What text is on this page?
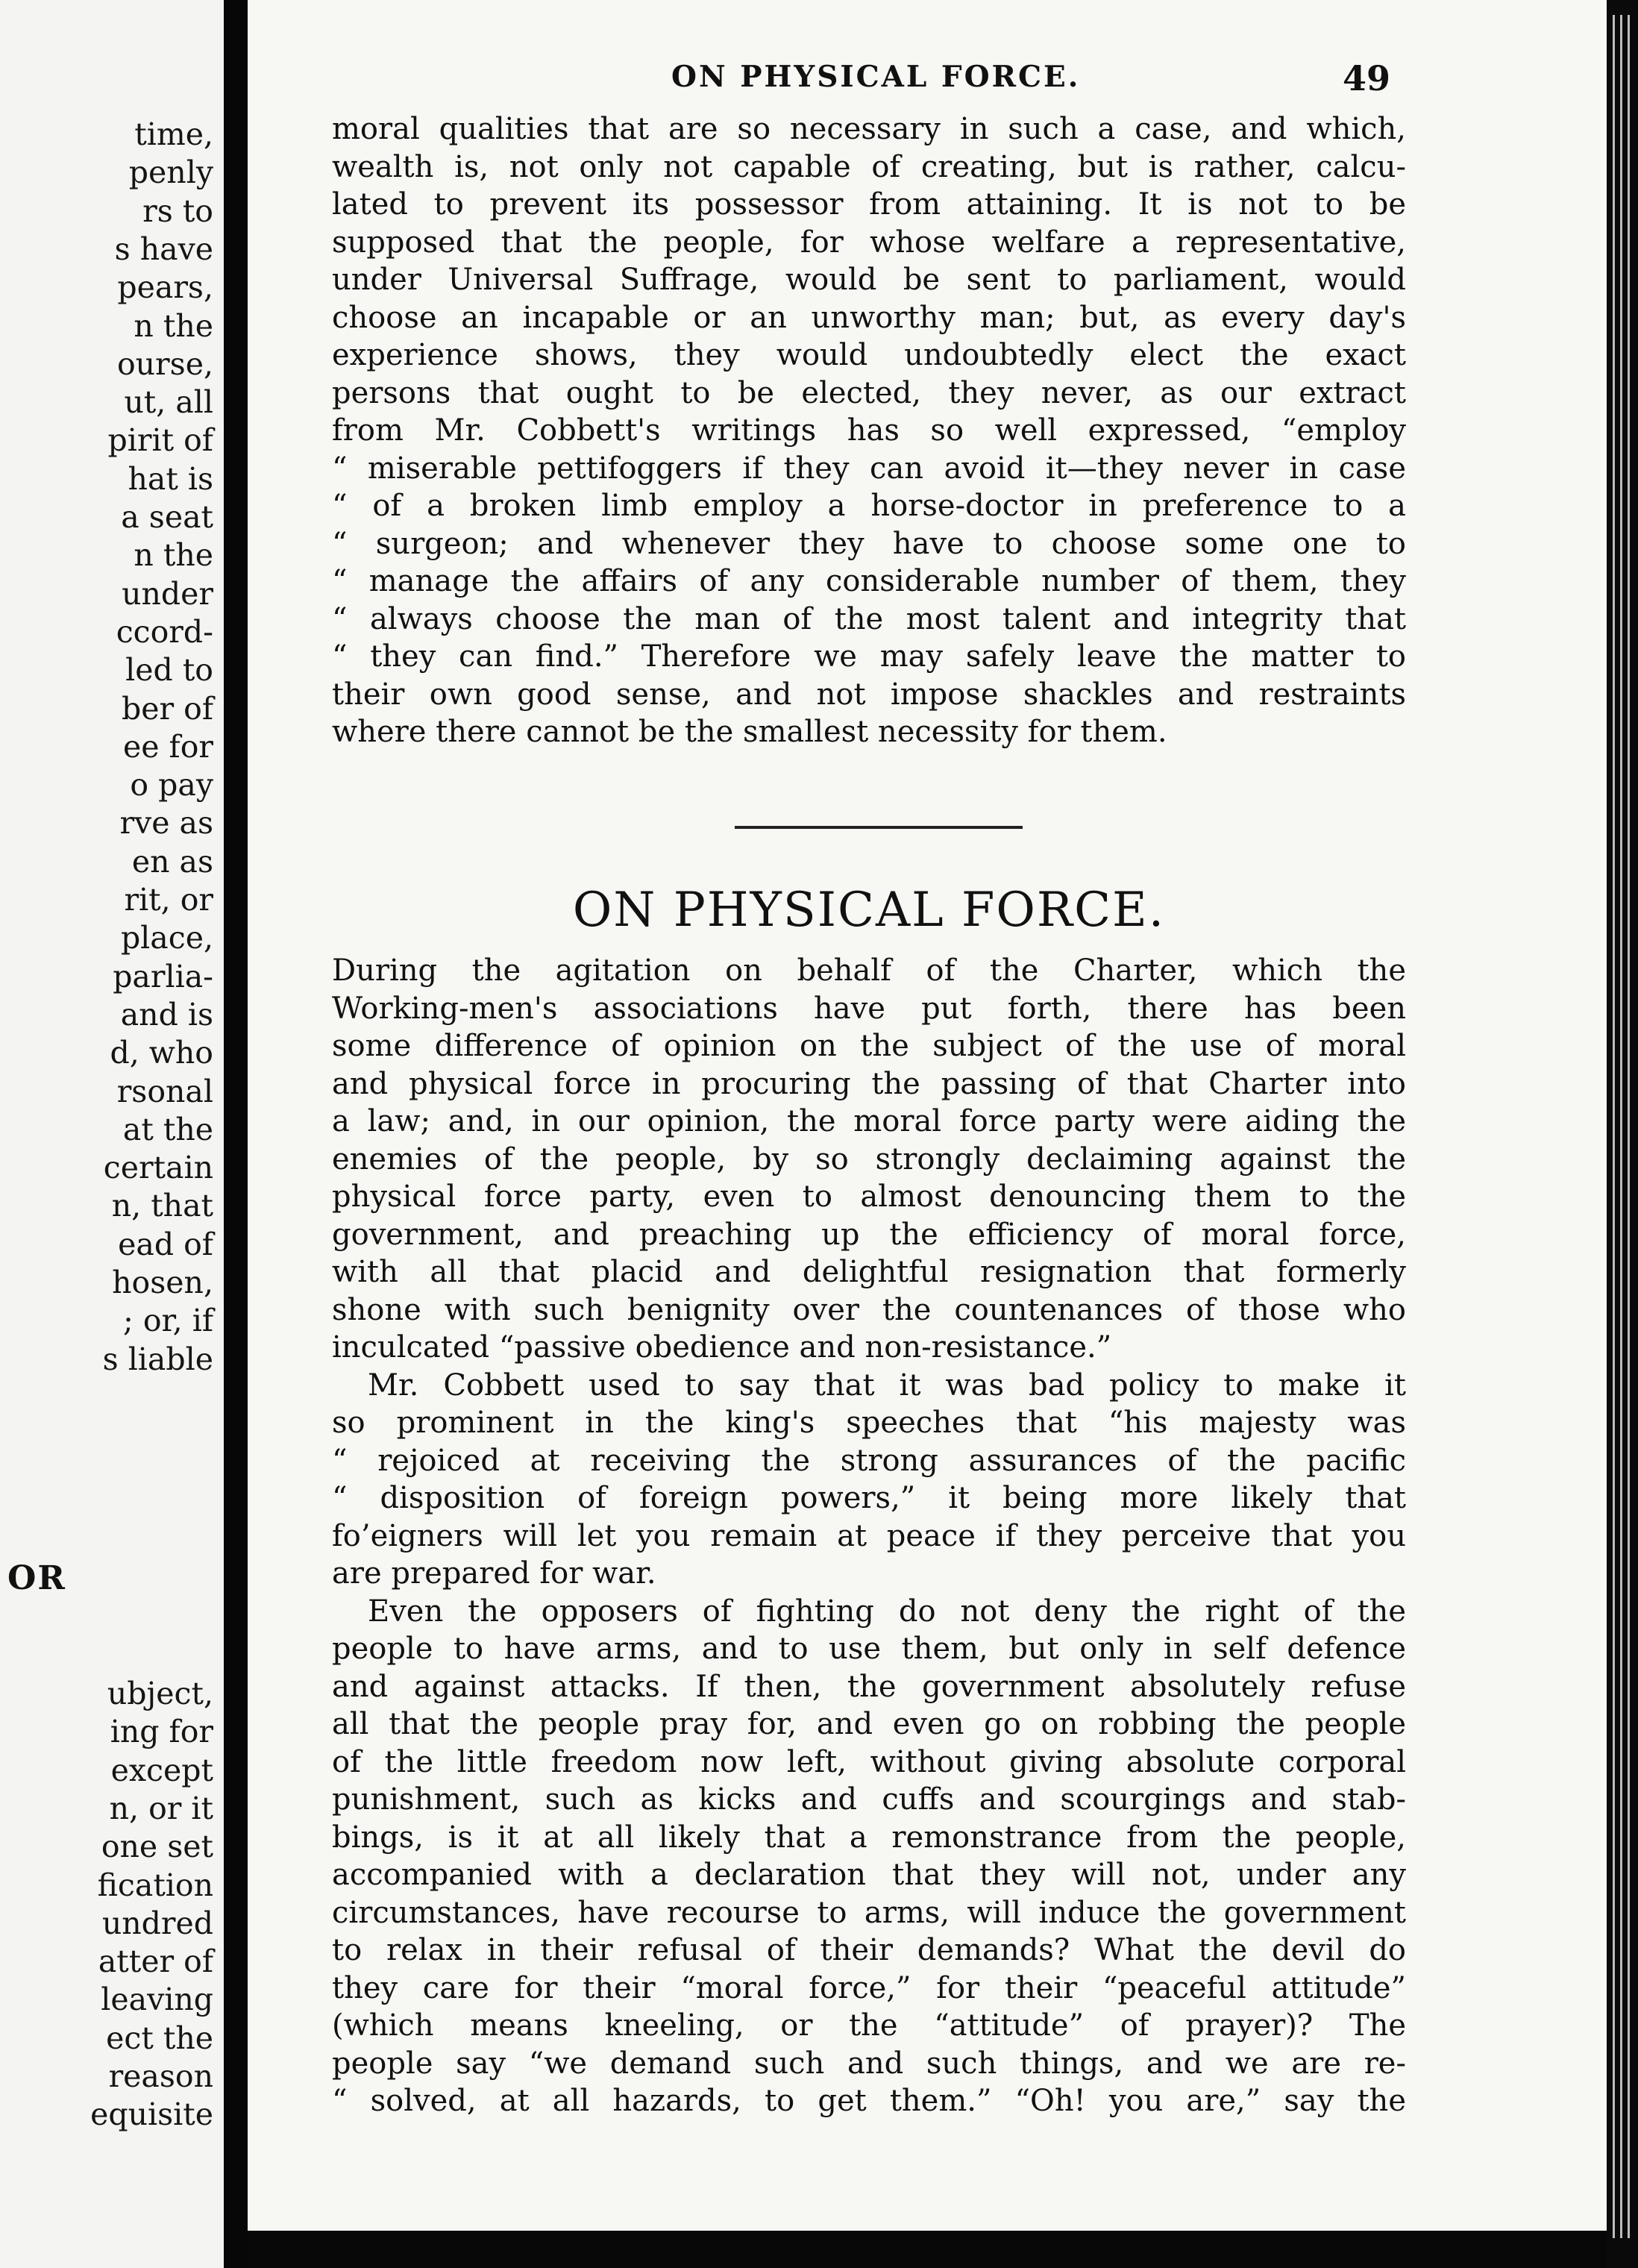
time,
penly
rs to
s have
pears,
n the
ourse,
ut, all
pirit of
hat is
a seat
n the
under
ccord-
led to
ber of
ee for
o pay
rve as
en as
rit, or
place,
parlia-
and is
d, who
rsonal
at the
certain
n, that
ead of
hosen,
; or, if
s liable
OR
ubject,
ing for
except
n, or it
one set
fication
undred
atter of
leaving
ect the
reason
equisite
ON PHYSICAL FORCE.	49
moral qualities that are so necessary in such a case, and which,
wealth is, not only not capable of creating, but is rather, calcu-
lated to prevent its possessor from attaining. It is not to be
supposed that the people, for whose welfare a representative,
under Universal Suffrage, would be sent to parliament, would
choose an incapable or an unworthy man; but, as every day's
experience shows, they would undoubtedly elect the exact
persons that ought to be elected, they never, as our extract
from Mr. Cobbett's writings has so well expressed, “employ
“ miserable pettifoggers if they can avoid it—they never in case
“ of a broken limb employ a horse-doctor in preference to a
“ surgeon; and whenever they have to choose some one to
“ manage the affairs of any considerable number of them, they
“ always choose the man of the most talent and integrity that
“ they can find.” Therefore we may safely leave the matter to
their own good sense, and not impose shackles and restraints
where there cannot be the smallest necessity for them.
ON PHYSICAL FORCE.
During the agitation on behalf of the Charter, which the
Working-men's associations have put forth, there has been
some difference of opinion on the subject of the use of moral
and physical force in procuring the passing of that Charter into
a law; and, in our opinion, the moral force party were aiding the
enemies of the people, by so strongly declaiming against the
physical force party, even to almost denouncing them to the
government, and preaching up the efficiency of moral force,
with all that placid and delightful resignation that formerly
shone with such benignity over the countenances of those who
inculcated “passive obedience and non-resistance.”
Mr. Cobbett used to say that it was bad policy to make it
so prominent in the king's speeches that “his majesty was
“ rejoiced at receiving the strong assurances of the pacific
“ disposition of foreign powers,” it being more likely that
fo’eigners will let you remain at peace if they perceive that you
are prepared for war.
Even the opposers of fighting do not deny the right of the
people to have arms, and to use them, but only in self defence
and against attacks. If then, the government absolutely refuse
all that the people pray for, and even go on robbing the people
of the little freedom now left, without giving absolute corporal
punishment, such as kicks and cuffs and scourgings and stab-
bings, is it at all likely that a remonstrance from the people,
accompanied with a declaration that they will not, under any
circumstances, have recourse to arms, will induce the government
to relax in their refusal of their demands? What the devil do
they care for their “moral force,” for their “peaceful attitude”
(which means kneeling, or the “attitude” of prayer)? The
people say “we demand such and such things, and we are re-
“ solved, at all hazards, to get them.” “Oh! you are,” say the
